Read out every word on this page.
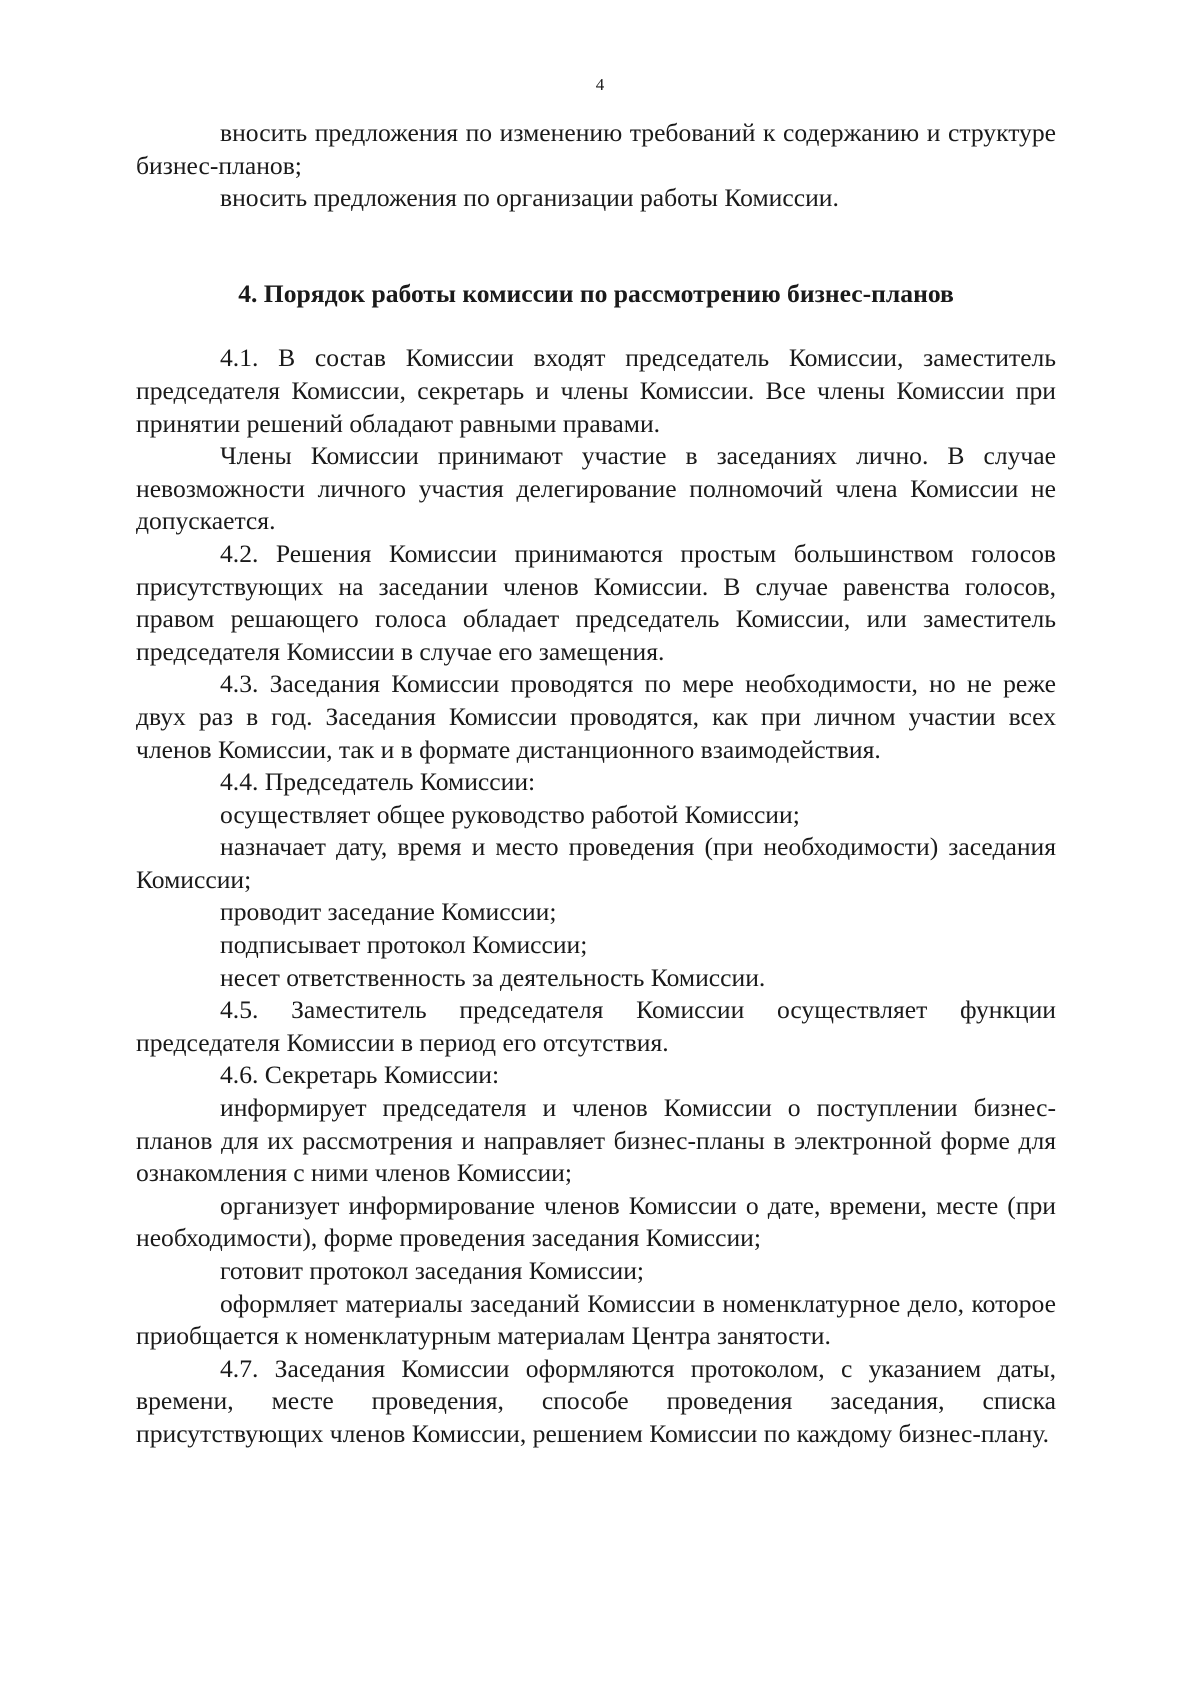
4

вносить предложения по изменению требований к содержанию и структуре бизнес-планов;

вносить предложения по организации работы Комиссии.

4. Порядок работы комиссии по рассмотрению бизнес-планов

4.1. В состав Комиссии входят председатель Комиссии, заместитель председателя Комиссии, секретарь и члены Комиссии. Все члены Комиссии при принятии решений обладают равными правами.

Члены Комиссии принимают участие в заседаниях лично. В случае невозможности личного участия делегирование полномочий члена Комиссии не допускается.

4.2. Решения Комиссии принимаются простым большинством голосов присутствующих на заседании членов Комиссии. В случае равенства голосов, правом решающего голоса обладает председатель Комиссии, или заместитель председателя Комиссии в случае его замещения.

4.3. Заседания Комиссии проводятся по мере необходимости, но не реже двух раз в год. Заседания Комиссии проводятся, как при личном участии всех членов Комиссии, так и в формате дистанционного взаимодействия.

4.4. Председатель Комиссии:

осуществляет общее руководство работой Комиссии;

назначает дату, время и место проведения (при необходимости) заседания Комиссии;

проводит заседание Комиссии;

подписывает протокол Комиссии;

несет ответственность за деятельность Комиссии.

4.5. Заместитель председателя Комиссии осуществляет функции председателя Комиссии в период его отсутствия.

4.6. Секретарь Комиссии:

информирует председателя и членов Комиссии о поступлении бизнес-планов для их рассмотрения и направляет бизнес-планы в электронной форме для ознакомления с ними членов Комиссии;

организует информирование членов Комиссии о дате, времени, месте (при необходимости), форме проведения заседания Комиссии;

готовит протокол заседания Комиссии;

оформляет материалы заседаний Комиссии в номенклатурное дело, которое приобщается к номенклатурным материалам Центра занятости.

4.7. Заседания Комиссии оформляются протоколом, с указанием даты, времени, месте проведения, способе проведения заседания, списка присутствующих членов Комиссии, решением Комиссии по каждому бизнес-плану.
